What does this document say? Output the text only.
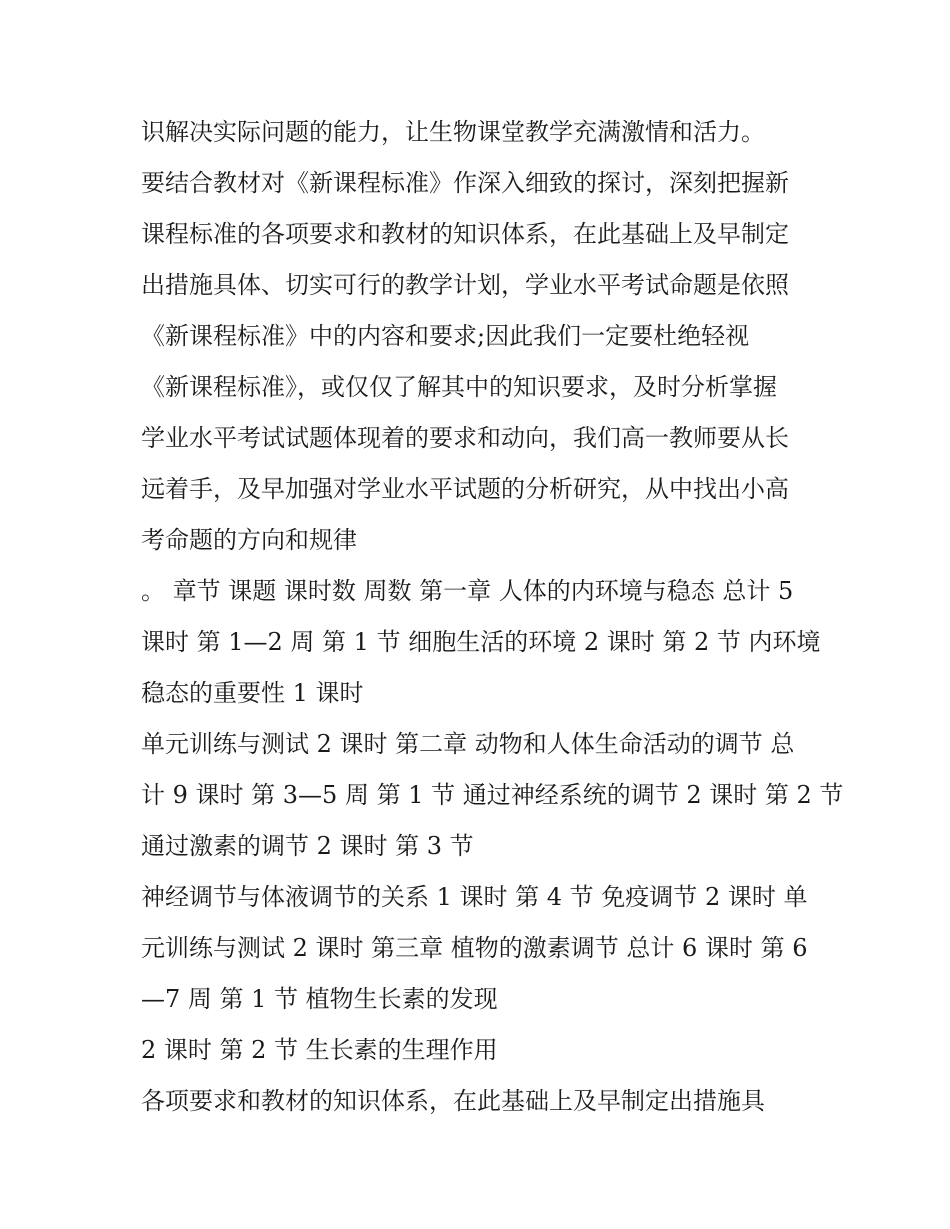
识解决实际问题的能力，让生物课堂教学充满激情和活力。
要结合教材对《新课程标准》作深入细致的探讨，深刻把握新
课程标准的各项要求和教材的知识体系，在此基础上及早制定
出措施具体、切实可行的教学计划，学业水平考试命题是依照
《新课程标准》中的内容和要求;因此我们一定要杜绝轻视
《新课程标准》，或仅仅了解其中的知识要求，及时分析掌握
学业水平考试试题体现着的要求和动向，我们高一教师要从长
远着手，及早加强对学业水平试题的分析研究，从中找出小高
考命题的方向和规律
。 章节 课题 课时数 周数 第一章 人体的内环境与稳态 总计 5
课时 第 1—2 周 第 1 节 细胞生活的环境 2 课时 第 2 节 内环境
稳态的重要性 1 课时
单元训练与测试 2 课时 第二章 动物和人体生命活动的调节 总
计 9 课时 第 3—5 周 第 1 节 通过神经系统的调节 2 课时 第 2 节
通过激素的调节 2 课时 第 3 节
神经调节与体液调节的关系 1 课时 第 4 节 免疫调节 2 课时 单
元训练与测试 2 课时 第三章 植物的激素调节 总计 6 课时 第 6
—7 周 第 1 节 植物生长素的发现
2 课时 第 2 节 生长素的生理作用
各项要求和教材的知识体系，在此基础上及早制定出措施具
